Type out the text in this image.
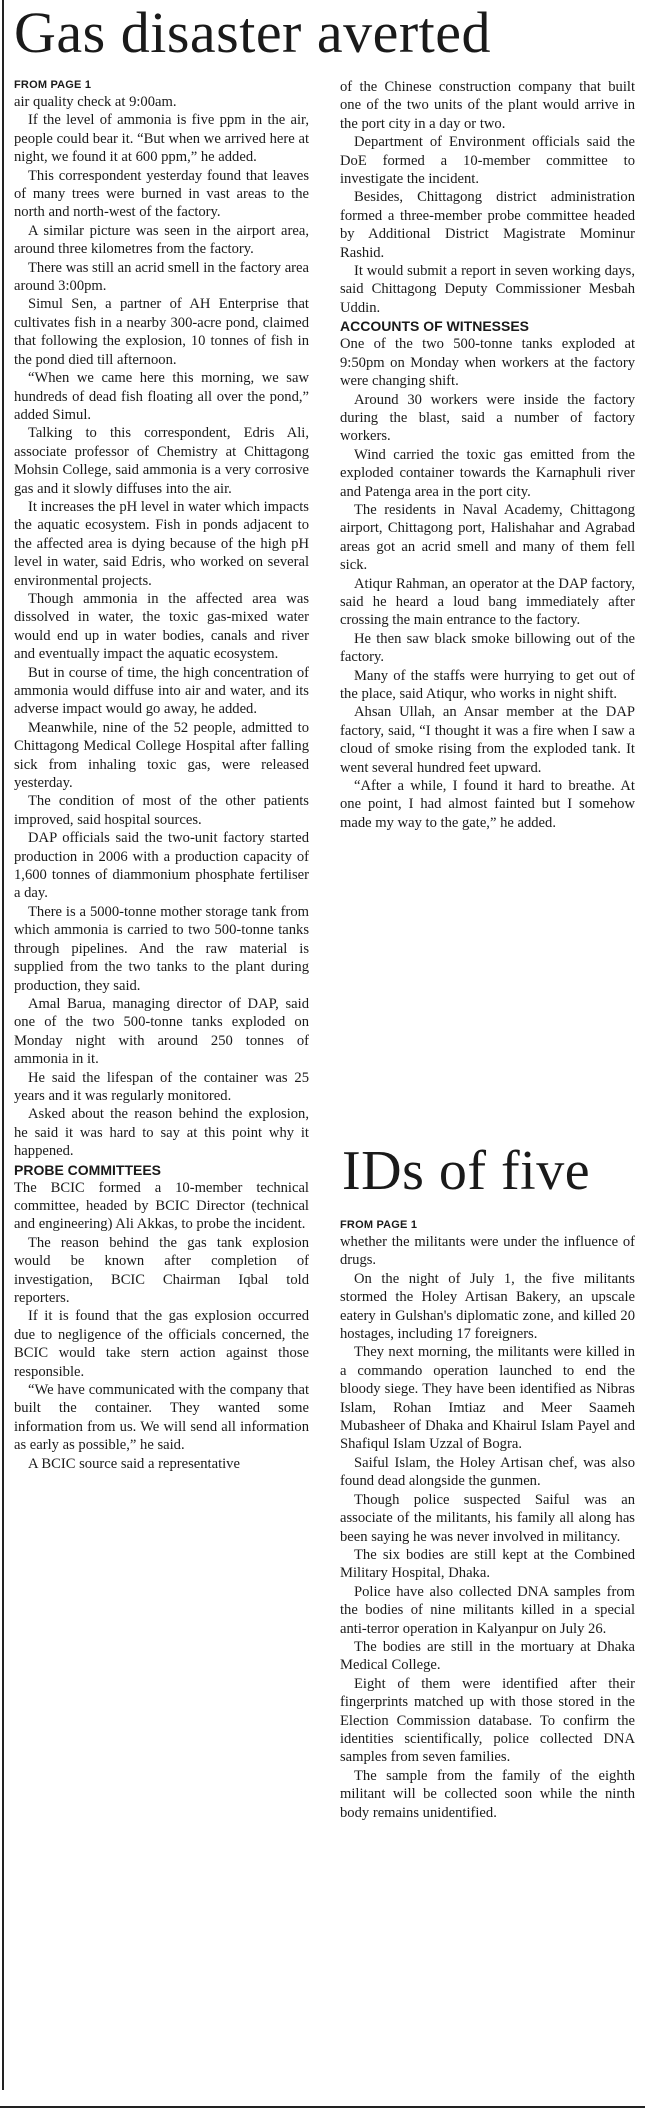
Gas disaster averted

FROM PAGE 1

air quality check at 9:00am.

If the level of ammonia is five ppm in the air, people could bear it. “But when we arrived here at night, we found it at 600 ppm,” he added.

This correspondent yesterday found that leaves of many trees were burned in vast areas to the north and north-west of the factory.

A similar picture was seen in the airport area, around three kilometres from the factory.

There was still an acrid smell in the factory area around 3:00pm.

Simul Sen, a partner of AH Enterprise that cultivates fish in a nearby 300-acre pond, claimed that following the explosion, 10 tonnes of fish in the pond died till afternoon.

“When we came here this morning, we saw hundreds of dead fish floating all over the pond,” added Simul.

Talking to this correspondent, Edris Ali, associate professor of Chemistry at Chittagong Mohsin College, said ammonia is a very corrosive gas and it slowly diffuses into the air.

It increases the pH level in water which impacts the aquatic ecosystem. Fish in ponds adjacent to the affected area is dying because of the high pH level in water, said Edris, who worked on several environmental projects.

Though ammonia in the affected area was dissolved in water, the toxic gas-mixed water would end up in water bodies, canals and river and eventually impact the aquatic ecosystem.

But in course of time, the high concentration of ammonia would diffuse into air and water, and its adverse impact would go away, he added.

Meanwhile, nine of the 52 people, admitted to Chittagong Medical College Hospital after falling sick from inhaling toxic gas, were released yesterday.

The condition of most of the other patients improved, said hospital sources.

DAP officials said the two-unit factory started production in 2006 with a production capacity of 1,600 tonnes of diammonium phosphate fertiliser a day.

There is a 5000-tonne mother storage tank from which ammonia is carried to two 500-tonne tanks through pipelines. And the raw material is supplied from the two tanks to the plant during production, they said.

Amal Barua, managing director of DAP, said one of the two 500-tonne tanks exploded on Monday night with around 250 tonnes of ammonia in it.

He said the lifespan of the container was 25 years and it was regularly monitored.

Asked about the reason behind the explosion, he said it was hard to say at this point why it happened.

PROBE COMMITTEES

The BCIC formed a 10-member technical committee, headed by BCIC Director (technical and engineering) Ali Akkas, to probe the incident.

The reason behind the gas tank explosion would be known after completion of investigation, BCIC Chairman Iqbal told reporters.

If it is found that the gas explosion occurred due to negligence of the officials concerned, the BCIC would take stern action against those responsible.

“We have communicated with the company that built the container. They wanted some information from us. We will send all information as early as possible,” he said.

A BCIC source said a representative

of the Chinese construction company that built one of the two units of the plant would arrive in the port city in a day or two.

Department of Environment officials said the DoE formed a 10-member committee to investigate the incident.

Besides, Chittagong district administration formed a three-member probe committee headed by Additional District Magistrate Mominur Rashid.

It would submit a report in seven working days, said Chittagong Deputy Commissioner Mesbah Uddin.

ACCOUNTS OF WITNESSES

One of the two 500-tonne tanks exploded at 9:50pm on Monday when workers at the factory were changing shift.

Around 30 workers were inside the factory during the blast, said a number of factory workers.

Wind carried the toxic gas emitted from the exploded container towards the Karnaphuli river and Patenga area in the port city.

The residents in Naval Academy, Chittagong airport, Chittagong port, Halishahar and Agrabad areas got an acrid smell and many of them fell sick.

Atiqur Rahman, an operator at the DAP factory, said he heard a loud bang immediately after crossing the main entrance to the factory.

He then saw black smoke billowing out of the factory.

Many of the staffs were hurrying to get out of the place, said Atiqur, who works in night shift.

Ahsan Ullah, an Ansar member at the DAP factory, said, “I thought it was a fire when I saw a cloud of smoke rising from the exploded tank. It went several hundred feet upward.

“After a while, I found it hard to breathe. At one point, I had almost fainted but I somehow made my way to the gate,” he added.

IDs of five

FROM PAGE 1

whether the militants were under the influence of drugs.

On the night of July 1, the five militants stormed the Holey Artisan Bakery, an upscale eatery in Gulshan's diplomatic zone, and killed 20 hostages, including 17 foreigners.

They next morning, the militants were killed in a commando operation launched to end the bloody siege. They have been identified as Nibras Islam, Rohan Imtiaz and Meer Saameh Mubasheer of Dhaka and Khairul Islam Payel and Shafiqul Islam Uzzal of Bogra.

Saiful Islam, the Holey Artisan chef, was also found dead alongside the gunmen.

Though police suspected Saiful was an associate of the militants, his family all along has been saying he was never involved in militancy.

The six bodies are still kept at the Combined Military Hospital, Dhaka.

Police have also collected DNA samples from the bodies of nine militants killed in a special anti-terror operation in Kalyanpur on July 26.

The bodies are still in the mortuary at Dhaka Medical College.

Eight of them were identified after their fingerprints matched up with those stored in the Election Commission database. To confirm the identities scientifically, police collected DNA samples from seven families.

The sample from the family of the eighth militant will be collected soon while the ninth body remains unidentified.
